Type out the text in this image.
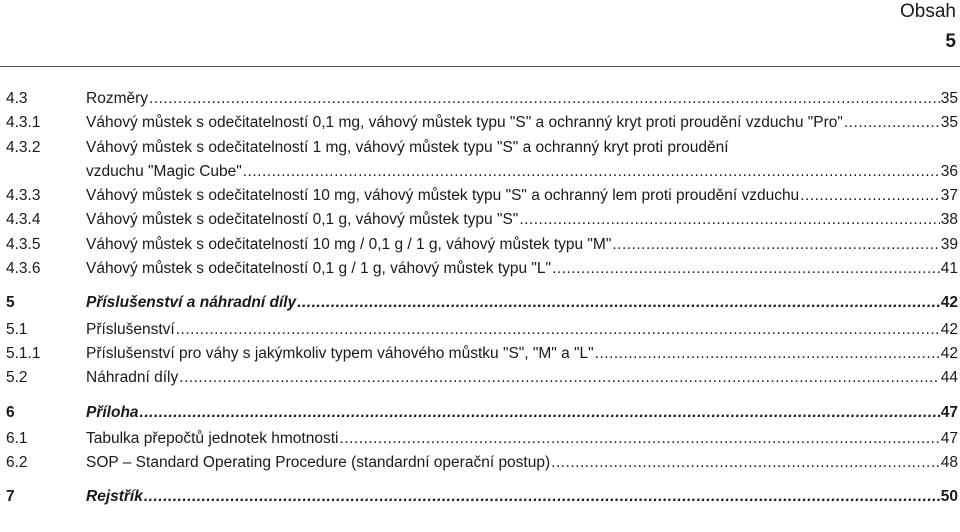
Obsah
5
4.3	Rozměry .....	35
4.3.1	Váhový můstek s odečitatelností 0,1 mg, váhový můstek typu "S" a ochranný kryt proti proudění vzduchu "Pro" .....	35
4.3.2	Váhový můstek s odečitatelností 1 mg, váhový můstek typu "S" a ochranný kryt proti proudění
vzduchu "Magic Cube" .....	36
4.3.3	Váhový můstek s odečitatelností 10 mg, váhový můstek typu "S" a ochranný lem proti proudění vzduchu .....	37
4.3.4	Váhový můstek s odečitatelností 0,1 g, váhový můstek typu "S" .....	38
4.3.5	Váhový můstek s odečitatelností 10 mg / 0,1 g / 1 g, váhový můstek typu "M" .....	39
4.3.6	Váhový můstek s odečitatelností 0,1 g / 1 g, váhový můstek typu "L" .....	41
5	Příslušenství a náhradní díly .....	42
5.1	Příslušenství .....	42
5.1.1	Příslušenství pro váhy s jakýmkoliv typem váhového můstku "S", "M" a "L" .....	42
5.2	Náhradní díly .....	44
6	Příloha .....	47
6.1	Tabulka přepočtů jednotek hmotnosti .....	47
6.2	SOP – Standard Operating Procedure (standardní operační postup) .....	48
7	Rejstřík .....	50
